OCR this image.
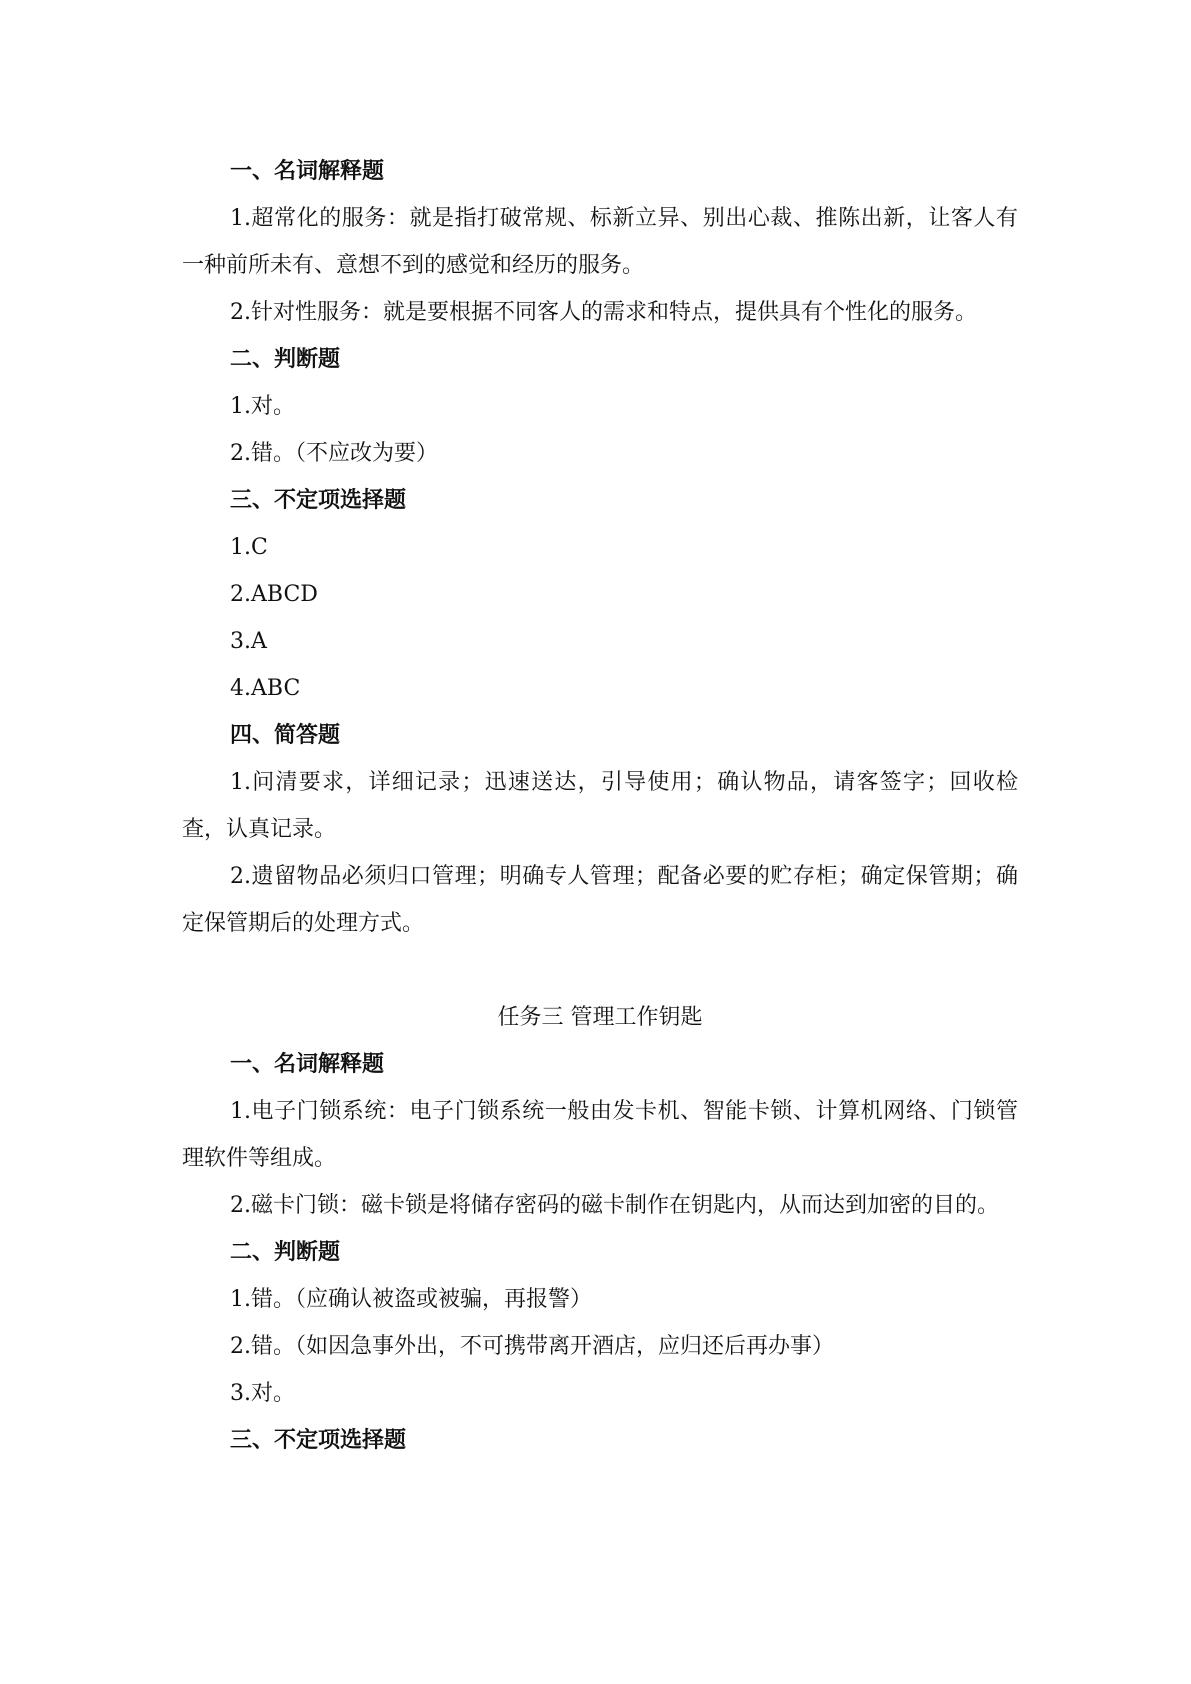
一、名词解释题

1.超常化的服务：就是指打破常规、标新立异、别出心裁、推陈出新，让客人有一种前所未有、意想不到的感觉和经历的服务。

2.针对性服务：就是要根据不同客人的需求和特点，提供具有个性化的服务。

二、判断题

1.对。

2.错。（不应改为要）

三、不定项选择题

1.C

2.ABCD

3.A

4.ABC

四、简答题

1.问清要求，详细记录；迅速送达，引导使用；确认物品，请客签字；回收检查，认真记录。

2.遗留物品必须归口管理；明确专人管理；配备必要的贮存柜；确定保管期；确定保管期后的处理方式。

任务三 管理工作钥匙

一、名词解释题

1.电子门锁系统：电子门锁系统一般由发卡机、智能卡锁、计算机网络、门锁管理软件等组成。

2.磁卡门锁：磁卡锁是将储存密码的磁卡制作在钥匙内，从而达到加密的目的。

二、判断题

1.错。（应确认被盗或被骗，再报警）

2.错。（如因急事外出，不可携带离开酒店，应归还后再办事）

3.对。

三、不定项选择题
